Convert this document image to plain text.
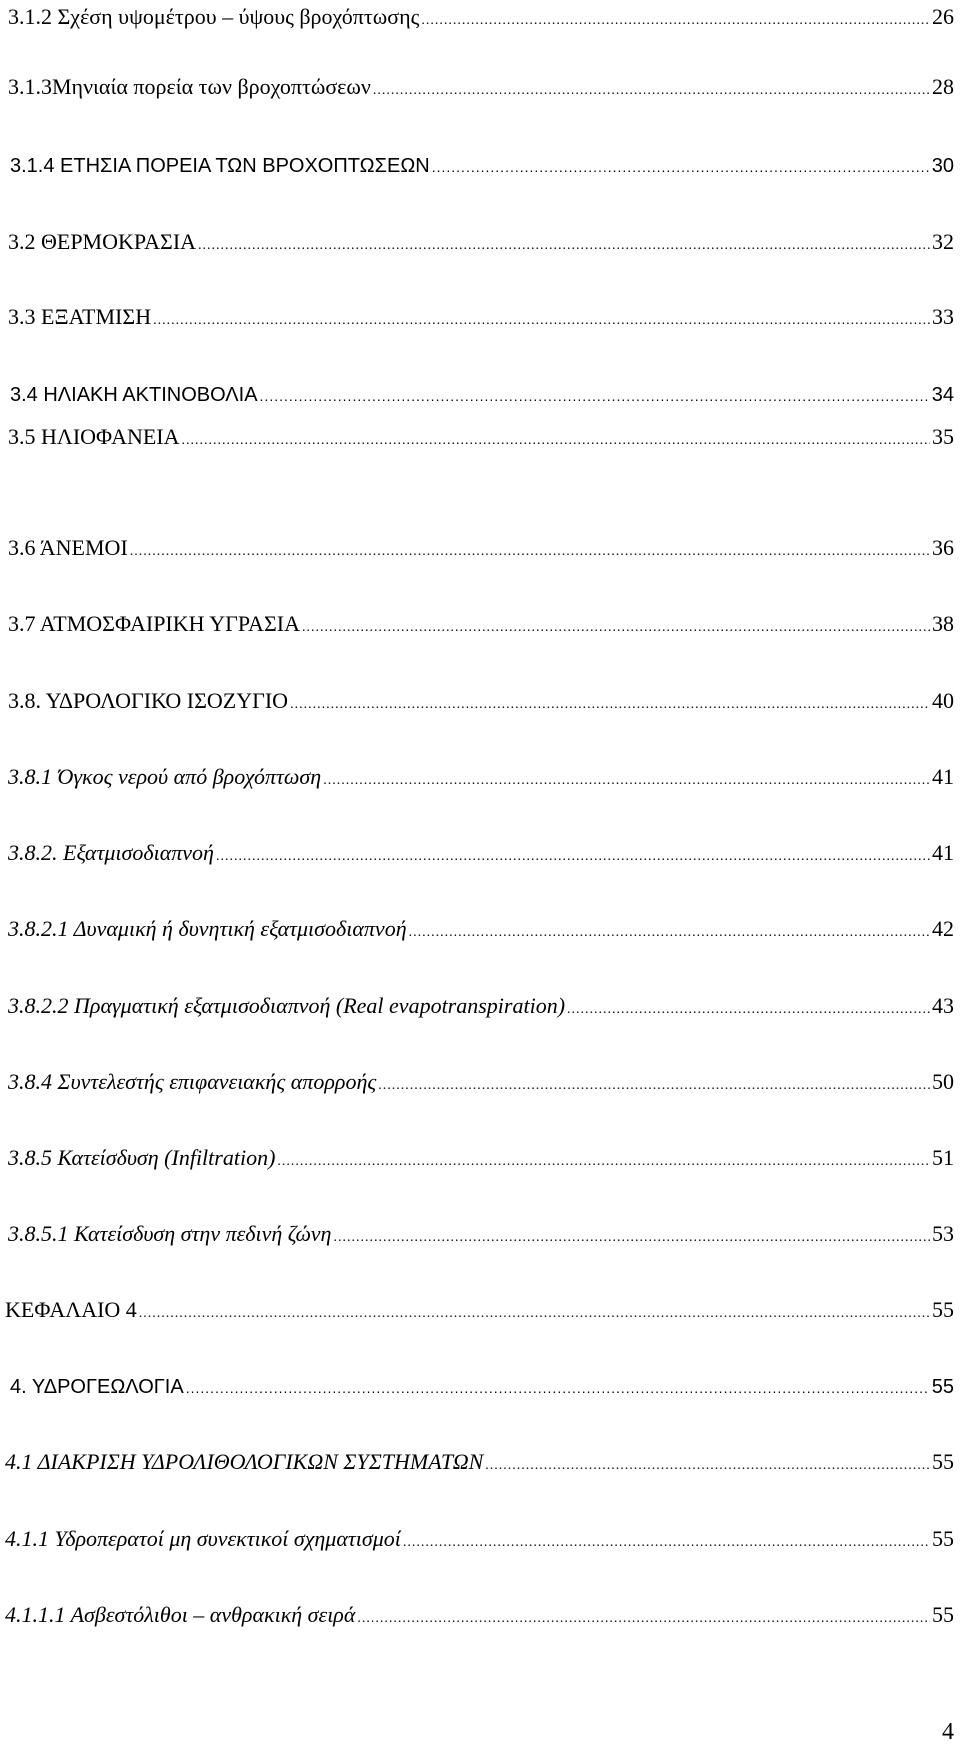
3.1.2 Σχέση υψομέτρου – ύψους βροχόπτωσης .....	26
3.1.3Μηνιαία πορεία των βροχοπτώσεων .....	28
3.1.4 ΕΤΗΣΙΑ ΠΟΡΕΙΑ ΤΩΝ ΒΡΟΧΟΠΤΩΣΕΩΝ .....	30
3.2 ΘΕΡΜΟΚΡΑΣΙΑ .....	32
3.3 ΕΞΑΤΜΙΣΗ .....	33
3.4 ΗΛΙΑΚΗ ΑΚΤΙΝΟΒΟΛΙΑ .....	34
3.5 ΗΛΙΟΦΑΝΕΙΑ .....	35
3.6 ΆΝΕΜΟΙ .....	36
3.7 ΑΤΜΟΣΦΑΙΡΙΚΗ ΥΓΡΑΣΙΑ .....	38
3.8. ΥΔΡΟΛΟΓΙΚΟ ΙΣΟΖΥΓΙΟ .....	40
3.8.1 Όγκος νερού από βροχόπτωση .....	41
3.8.2. Εξατμισοδιαπνοή .....	41
3.8.2.1 Δυναμική ή δυνητική εξατμισοδιαπνοή .....	42
3.8.2.2 Πραγματική εξατμισοδιαπνοή (Real evapotranspiration) .....	43
3.8.4 Συντελεστής επιφανειακής απορροής .....	50
3.8.5 Κατείσδυση (Infiltration) .....	51
3.8.5.1 Κατείσδυση στην πεδινή ζώνη .....	53
ΚΕΦΑΛΑΙΟ 4 .....	55
4. ΥΔΡΟΓΕΩΛΟΓΙΑ .....	55
4.1 ΔΙΑΚΡΙΣΗ ΥΔΡΟΛΙΘΟΛΟΓΙΚΩΝ ΣΥΣΤΗΜΑΤΩΝ .....	55
4.1.1 Υδροπερατοί μη συνεκτικοί σχηματισμοί .....	55
4.1.1.1 Ασβεστόλιθοι – ανθρακική σειρά .....	55
4
